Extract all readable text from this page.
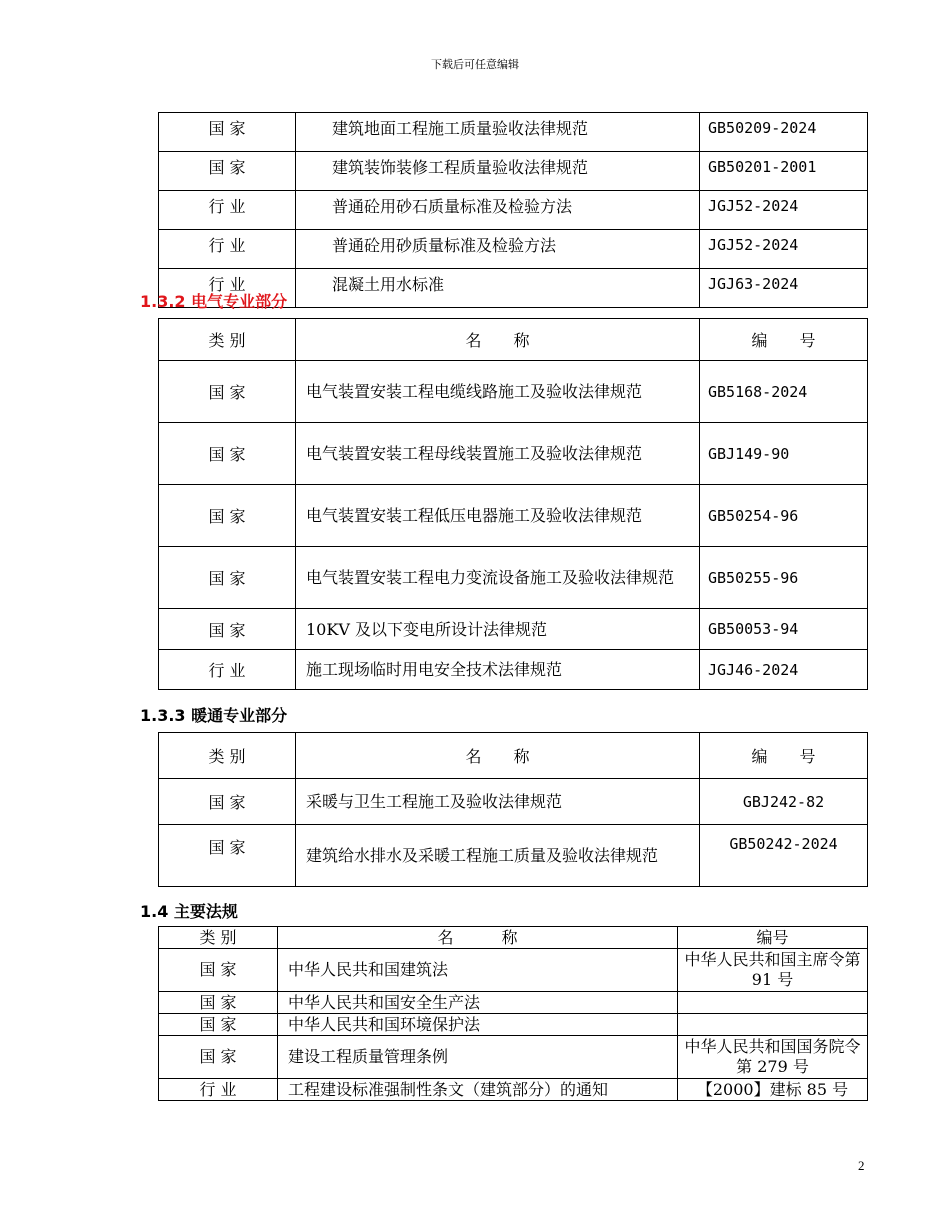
下载后可任意编辑
国 家	建筑地面工程施工质量验收法律规范	GB50209-2024
国 家	建筑装饰装修工程质量验收法律规范	GB50201-2001
行 业	普通砼用砂石质量标准及检验方法	JGJ52-2024
行 业	普通砼用砂质量标准及检验方法	JGJ52-2024
行 业	混凝土用水标准	JGJ63-2024
1.3.2 电气专业部分
类 别	名　　称	编　　号
国 家	电气装置安装工程电缆线路施工及验收法律规范	GB5168-2024
国 家	电气装置安装工程母线装置施工及验收法律规范	GBJ149-90
国 家	电气装置安装工程低压电器施工及验收法律规范	GB50254-96
国 家	电气装置安装工程电力变流设备施工及验收法律规范	GB50255-96
国 家	10KV 及以下变电所设计法律规范	GB50053-94
行 业	施工现场临时用电安全技术法律规范	JGJ46-2024
1.3.3 暖通专业部分
类 别	名　　称	编　　号
国 家	采暖与卫生工程施工及验收法律规范	GBJ242-82
国 家	建筑给水排水及采暖工程施工质量及验收法律规范	GB50242-2024
1.4 主要法规
类 别	名　　　称	编号
国 家	中华人民共和国建筑法	中华人民共和国主席令第 91 号
国 家	中华人民共和国安全生产法	
国 家	中华人民共和国环境保护法	
国 家	建设工程质量管理条例	中华人民共和国国务院令第 279 号
行 业	工程建设标准强制性条文（建筑部分）的通知	【2000】建标 85 号
2
